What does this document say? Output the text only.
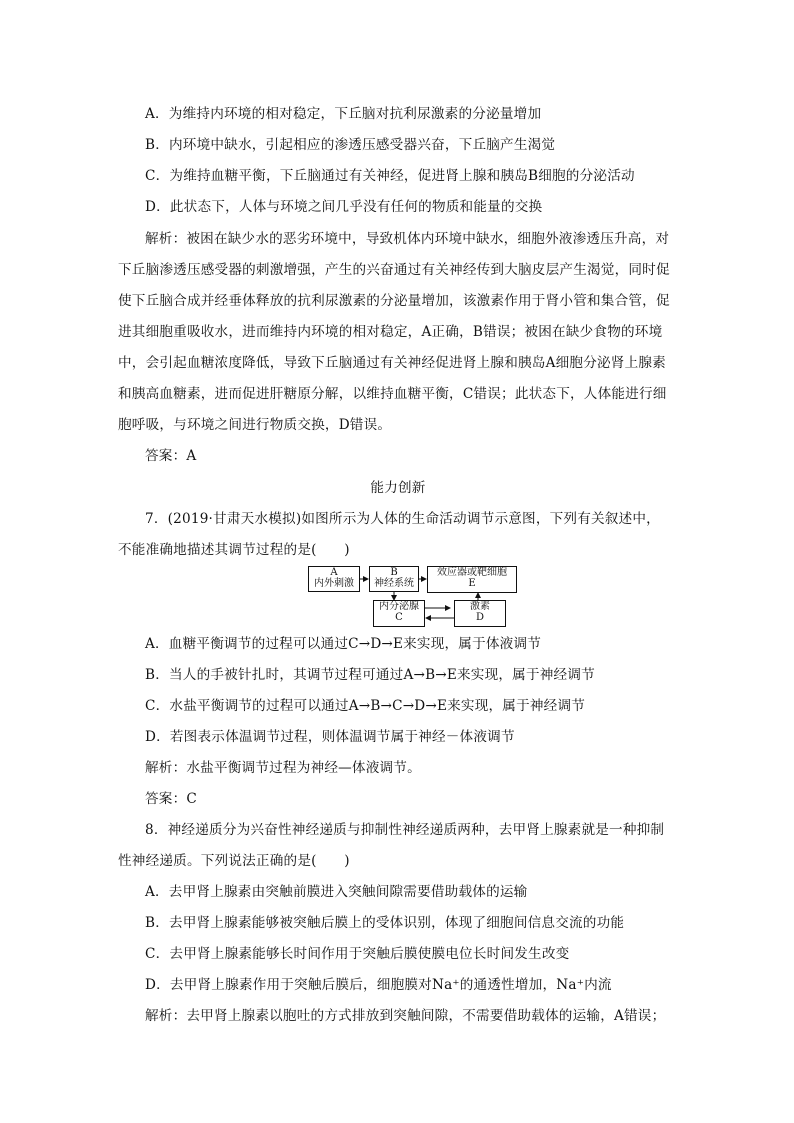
A．为维持内环境的相对稳定，下丘脑对抗利尿激素的分泌量增加
B．内环境中缺水，引起相应的渗透压感受器兴奋，下丘脑产生渴觉
C．为维持血糖平衡，下丘脑通过有关神经，促进肾上腺和胰岛B细胞的分泌活动
D．此状态下，人体与环境之间几乎没有任何的物质和能量的交换
解析：被困在缺少水的恶劣环境中，导致机体内环境中缺水，细胞外液渗透压升高，对
下丘脑渗透压感受器的刺激增强，产生的兴奋通过有关神经传到大脑皮层产生渴觉，同时促
使下丘脑合成并经垂体释放的抗利尿激素的分泌量增加，该激素作用于肾小管和集合管，促
进其细胞重吸收水，进而维持内环境的相对稳定，A正确，B错误；被困在缺少食物的环境
中，会引起血糖浓度降低，导致下丘脑通过有关神经促进肾上腺和胰岛A细胞分泌肾上腺素
和胰高血糖素，进而促进肝糖原分解，以维持血糖平衡，C错误；此状态下，人体能进行细
胞呼吸，与环境之间进行物质交换，D错误。
答案：A
能力创新
7．(2019·甘肃天水模拟)如图所示为人体的生命活动调节示意图，下列有关叙述中，
不能准确地描述其调节过程的是(　　)
A
内外刺激
B
神经系统
效应器或靶细胞
E
内分泌腺
C
激素
D
A．血糖平衡调节的过程可以通过C→D→E来实现，属于体液调节
B．当人的手被针扎时，其调节过程可通过A→B→E来实现，属于神经调节
C．水盐平衡调节的过程可以通过A→B→C→D→E来实现，属于神经调节
D．若图表示体温调节过程，则体温调节属于神经－体液调节
解析：水盐平衡调节过程为神经—体液调节。
答案：C
8．神经递质分为兴奋性神经递质与抑制性神经递质两种，去甲肾上腺素就是一种抑制
性神经递质。下列说法正确的是(　　)
A．去甲肾上腺素由突触前膜进入突触间隙需要借助载体的运输
B．去甲肾上腺素能够被突触后膜上的受体识别，体现了细胞间信息交流的功能
C．去甲肾上腺素能够长时间作用于突触后膜使膜电位长时间发生改变
D．去甲肾上腺素作用于突触后膜后，细胞膜对Na⁺的通透性增加，Na⁺内流
解析：去甲肾上腺素以胞吐的方式排放到突触间隙，不需要借助载体的运输，A错误；
